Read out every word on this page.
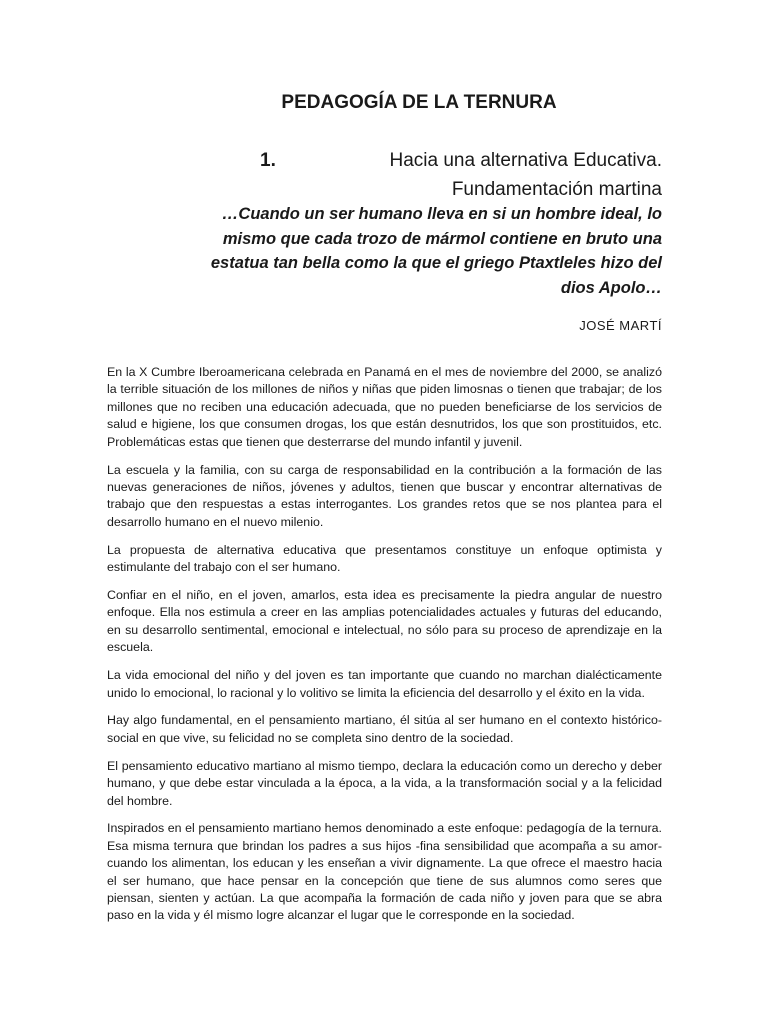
PEDAGOGÍA DE LA TERNURA
1.	Hacia una alternativa Educativa.
Fundamentación martina
…Cuando un ser humano lleva en si un hombre ideal, lo mismo que cada trozo de mármol contiene en bruto una estatua tan bella como la que el griego Ptaxtleles hizo del dios Apolo…
JOSÉ MARTÍ

En la X Cumbre Iberoamericana celebrada en Panamá en el mes de noviembre del 2000, se analizó la terrible situación de los millones de niños y niñas que piden limosnas o tienen que trabajar; de los millones que no reciben una educación adecuada, que no pueden beneficiarse de los servicios de salud e higiene, los que consumen drogas, los que están desnutridos, los que son prostituidos, etc. Problemáticas estas que tienen que desterrarse del mundo infantil y juvenil.

La escuela y la familia, con su carga de responsabilidad en la contribución a la formación de las nuevas generaciones de niños, jóvenes y adultos, tienen que buscar y encontrar alternativas de trabajo que den respuestas a estas interrogantes. Los grandes retos que se nos plantea para el desarrollo humano en el nuevo milenio.

La propuesta de alternativa educativa que presentamos constituye un enfoque optimista y estimulante del trabajo con el ser humano.

Confiar en el niño, en el joven, amarlos, esta idea es precisamente la piedra angular de nuestro enfoque. Ella nos estimula a creer en las amplias potencialidades actuales y futuras del educando, en su desarrollo sentimental, emocional e intelectual, no sólo para su proceso de aprendizaje en la escuela.

La vida emocional del niño y del joven es tan importante que cuando no marchan dialécticamente unido lo emocional, lo racional y lo volitivo se limita la eficiencia del desarrollo y el éxito en la vida.

Hay algo fundamental, en el pensamiento martiano, él sitúa al ser humano en el contexto histórico-social en que vive, su felicidad no se completa sino dentro de la sociedad.

El pensamiento educativo martiano al mismo tiempo, declara la educación como un derecho y deber humano, y que debe estar vinculada a la época, a la vida, a la transformación social y a la felicidad del hombre.

Inspirados en el pensamiento martiano hemos denominado a este enfoque: pedagogía de la ternura. Esa misma ternura que brindan los padres a sus hijos -fina sensibilidad que acompaña a su amor- cuando los alimentan, los educan y les enseñan a vivir dignamente. La que ofrece el maestro hacia el ser humano, que hace pensar en la concepción que tiene de sus alumnos como seres que piensan, sienten y actúan. La que acompaña la formación de cada niño y joven para que se abra paso en la vida y él mismo logre alcanzar el lugar que le corresponde en la sociedad.
